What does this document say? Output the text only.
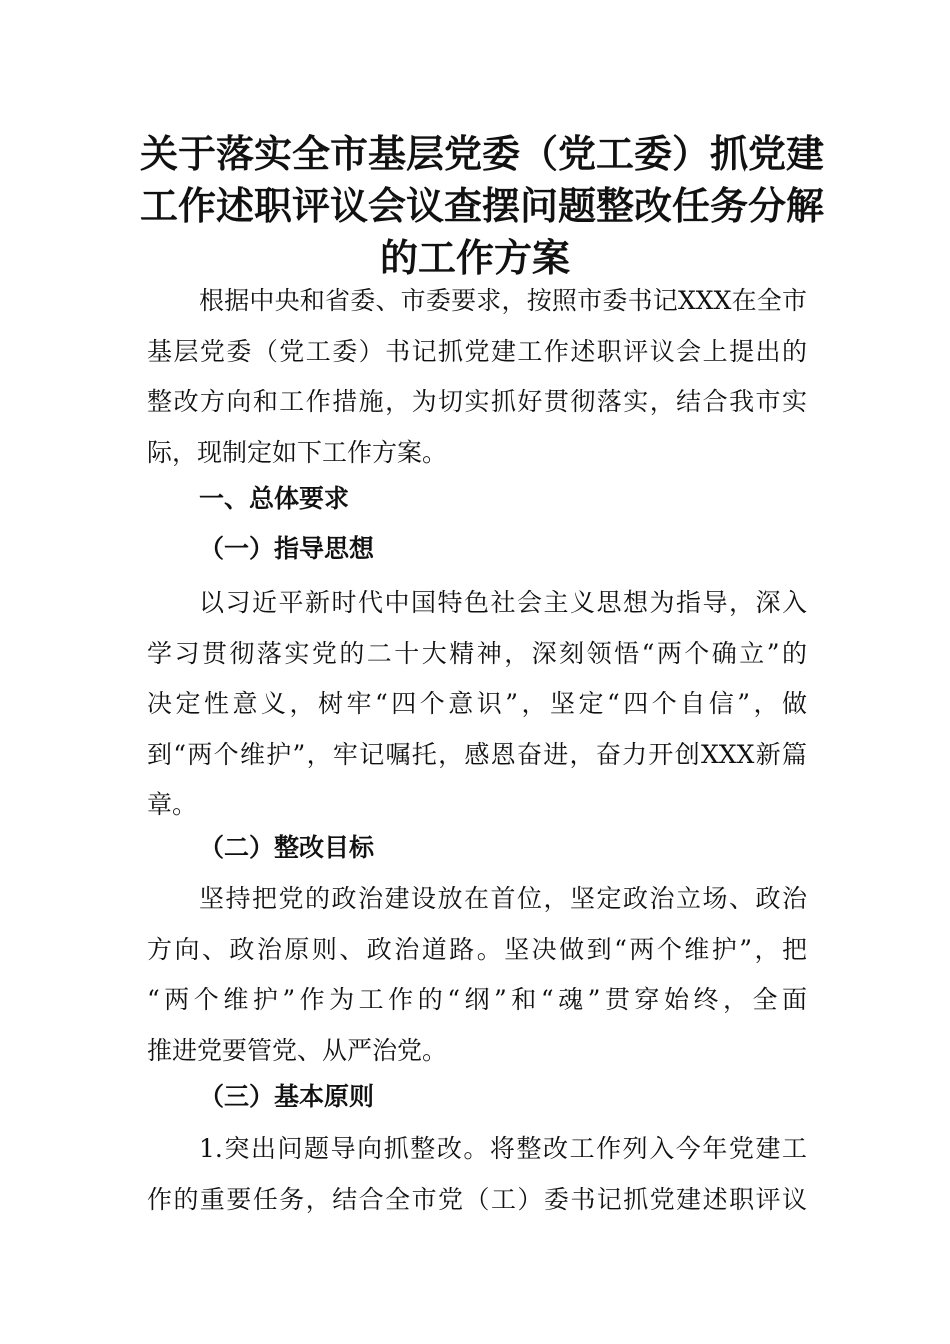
关于落实全市基层党委（党工委）抓党建
工作述职评议会议查摆问题整改任务分解
的工作方案
根据中央和省委、市委要求，按照市委书记XXX在全市
基层党委（党工委）书记抓党建工作述职评议会上提出的
整改方向和工作措施，为切实抓好贯彻落实，结合我市实
际，现制定如下工作方案。
一、总体要求
（一）指导思想
以习近平新时代中国特色社会主义思想为指导，深入
学习贯彻落实党的二十大精神，深刻领悟“两个确立”的
决定性意义，树牢“四个意识”，坚定“四个自信”，做
到“两个维护”，牢记嘱托，感恩奋进，奋力开创XXX新篇
章。
（二）整改目标
坚持把党的政治建设放在首位，坚定政治立场、政治
方向、政治原则、政治道路。坚决做到“两个维护”，把
“两个维护”作为工作的“纲”和“魂”贯穿始终，全面
推进党要管党、从严治党。
（三）基本原则
1.突出问题导向抓整改。将整改工作列入今年党建工
作的重要任务，结合全市党（工）委书记抓党建述职评议
